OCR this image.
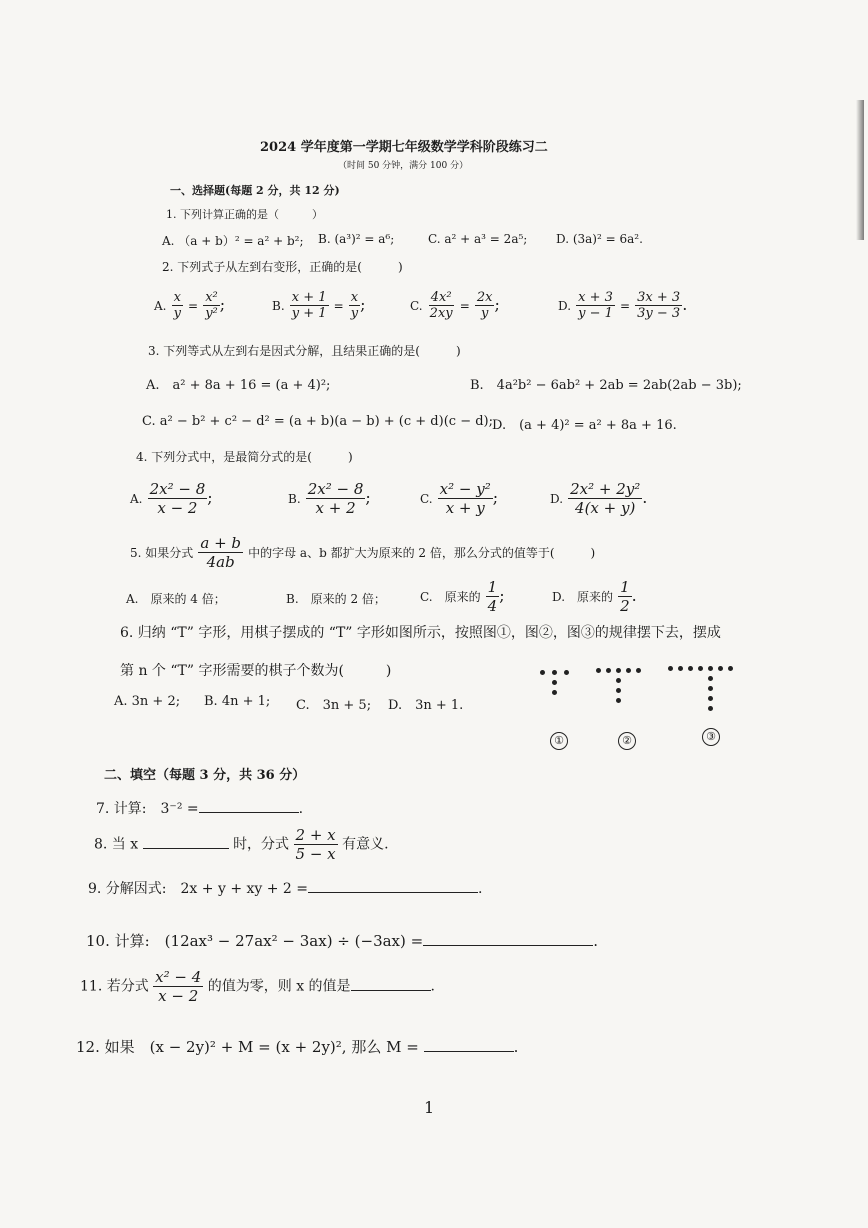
2024 学年度第一学期七年级数学学科阶段练习二
（时间 50 分钟，满分 100 分）
一、选择题(每题 2 分，共 12 分)
1. 下列计算正确的是（　　　）
A. （a + b）² = a² + b²; B. (a³)² = a⁶;	C. a² + a³ = 2a⁵; D. (3a)² = 6a².
2. 下列式子从左到右变形，正确的是(　　　)
A. $\frac{x}{y} = \frac{\text{x²}}{\text{y²}}$ ;	B. $\frac{x + 1}{y + 1} = \frac{x}{y}$ ;	C. $\frac{\text{4x²}}{2xy} = \frac{2x}{y}$ ;	D. $\frac{x + 3}{y - 1} = \frac{3x + 3}{3y - 3}$ .
3. 下列等式从左到右是因式分解，且结果正确的是(　　　)
A.　a² + 8a + 16 = (a + 4)²;	B.　4a²b² − 6ab² + 2ab = 2ab(2ab − 3b);
C. a² − b² + c² − d² = (a + b)(a − b) + (c + d)(c − d); D.　(a + 4)² = a² + 8a + 16.
4. 下列分式中，是最简分式的是(　　　)
A. $\frac{\text{2x² − 8}}{x - 2}$ ;	B. $\frac{\text{2x² − 8}}{x + 2}$ ;	C. $\frac{\text{x² − y²}}{x + y}$ ;	D. $\frac{\text{2x² + 2y²}}{4(x + y)}$ .
5. 如果分式 $\frac{a + b}{4ab}$ 中的字母 a、b 都扩大为原来的 2 倍，那么分式的值等于(　　　)
A.　原来的 4 倍；	B.　原来的 2 倍；	C.　原来的 $\frac{1}{4}$ ;	D.　原来的 $\frac{1}{2}$ .
6. 归纳 “T” 字形，用棋子摆成的 “T” 字形如图所示，按照图①，图②，图③的规律摆下去，摆成
第 n 个 “T” 字形需要的棋子个数为(　　　)
A. 3n + 2; B. 4n + 1; C.　3n + 5; D.　3n + 1.
①	②	③
二、填空（每题 3 分，共 36 分）
7. 计算:　3⁻² =	.
8. 当 x	时，分式 $\frac{2 + x}{5 - x}$ 有意义.
9. 分解因式:　2x + y + xy + 2 =	.
10. 计算:　(12ax³ − 27ax² − 3ax) ÷ (−3ax) =	.
11. 若分式 $\frac{\text{x² − 4}}{x - 2}$ 的值为零，则 x 的值是	.
12. 如果　(x − 2y)² + M = (x + 2y)², 那么 M =	.
1
